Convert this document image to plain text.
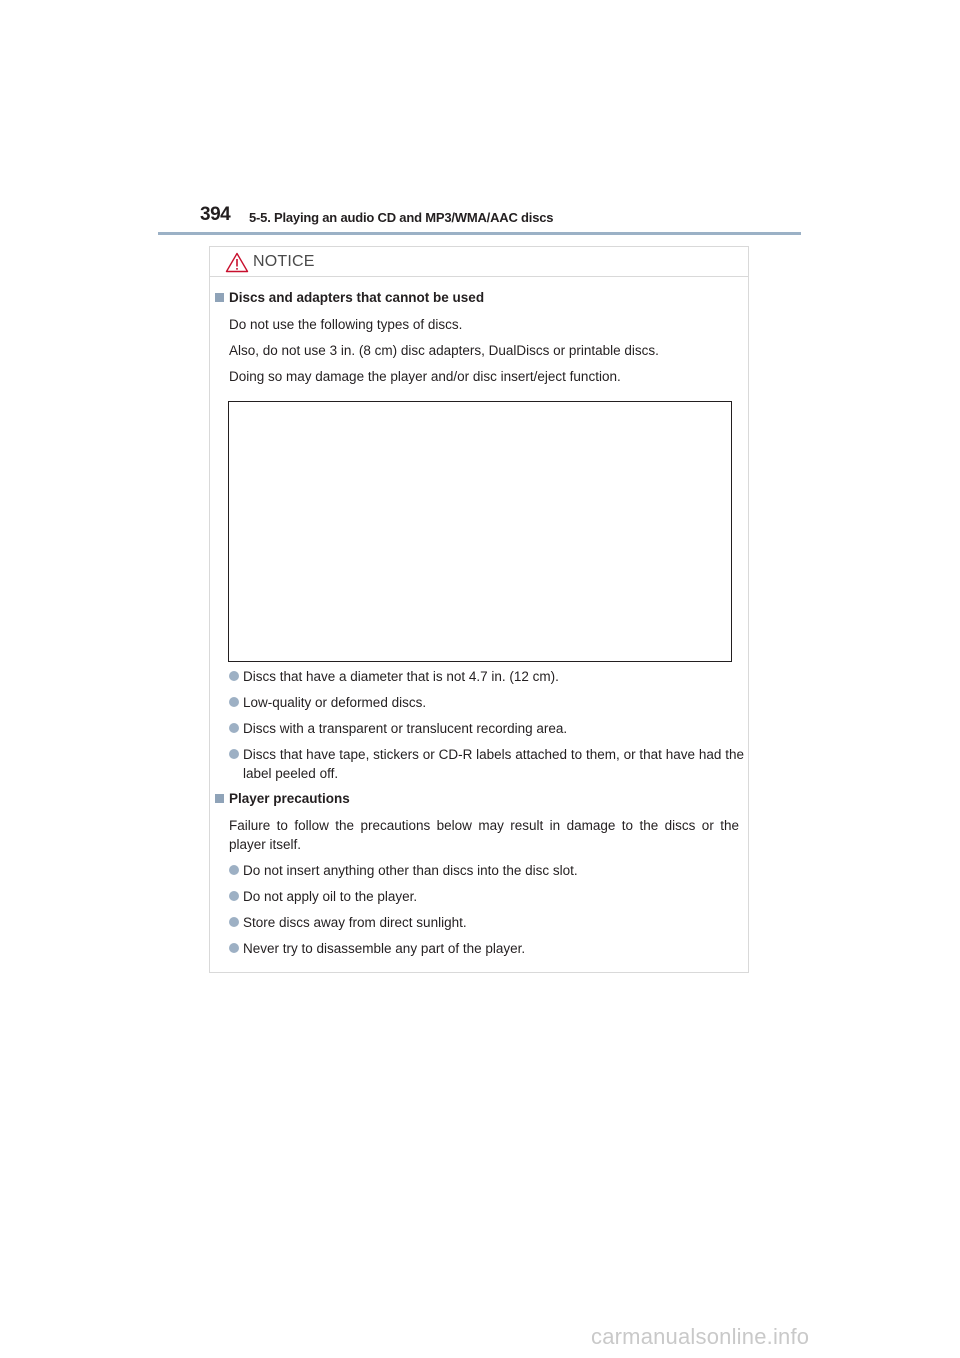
394 5-5. Playing an audio CD and MP3/WMA/AAC discs
NOTICE
Discs and adapters that cannot be used
Do not use the following types of discs.
Also, do not use 3 in. (8 cm) disc adapters, DualDiscs or printable discs.
Doing so may damage the player and/or disc insert/eject function.
Discs that have a diameter that is not 4.7 in. (12 cm).
Low-quality or deformed discs.
Discs with a transparent or translucent recording area.
Discs that have tape, stickers or CD-R labels attached to them, or that have had the label peeled off.
Player precautions
Failure to follow the precautions below may result in damage to the discs or the player itself.
Do not insert anything other than discs into the disc slot.
Do not apply oil to the player.
Store discs away from direct sunlight.
Never try to disassemble any part of the player.
carmanualsonline.info
